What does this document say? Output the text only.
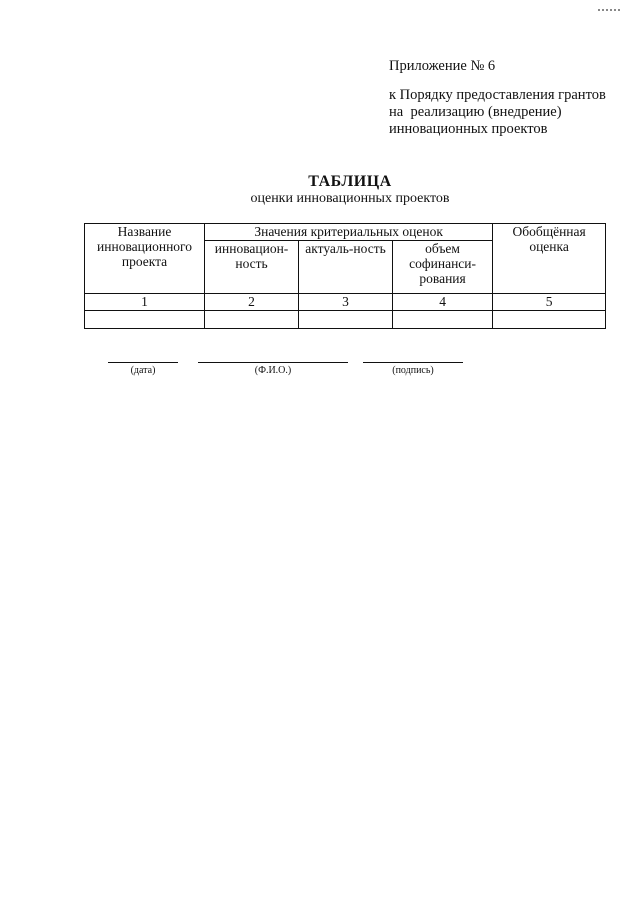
Приложение № 6
к Порядку предоставления грантов
на  реализацию (внедрение)
инновационных проектов
ТАБЛИЦА
оценки инновационных проектов
Название инновационного проекта	Значения критериальных оценок			Обобщённая оценка
	инновацион-ность	актуаль-ность	объем софинанси-рования	
1	2	3	4	5

(дата)	(Ф.И.О.)	(подпись)
